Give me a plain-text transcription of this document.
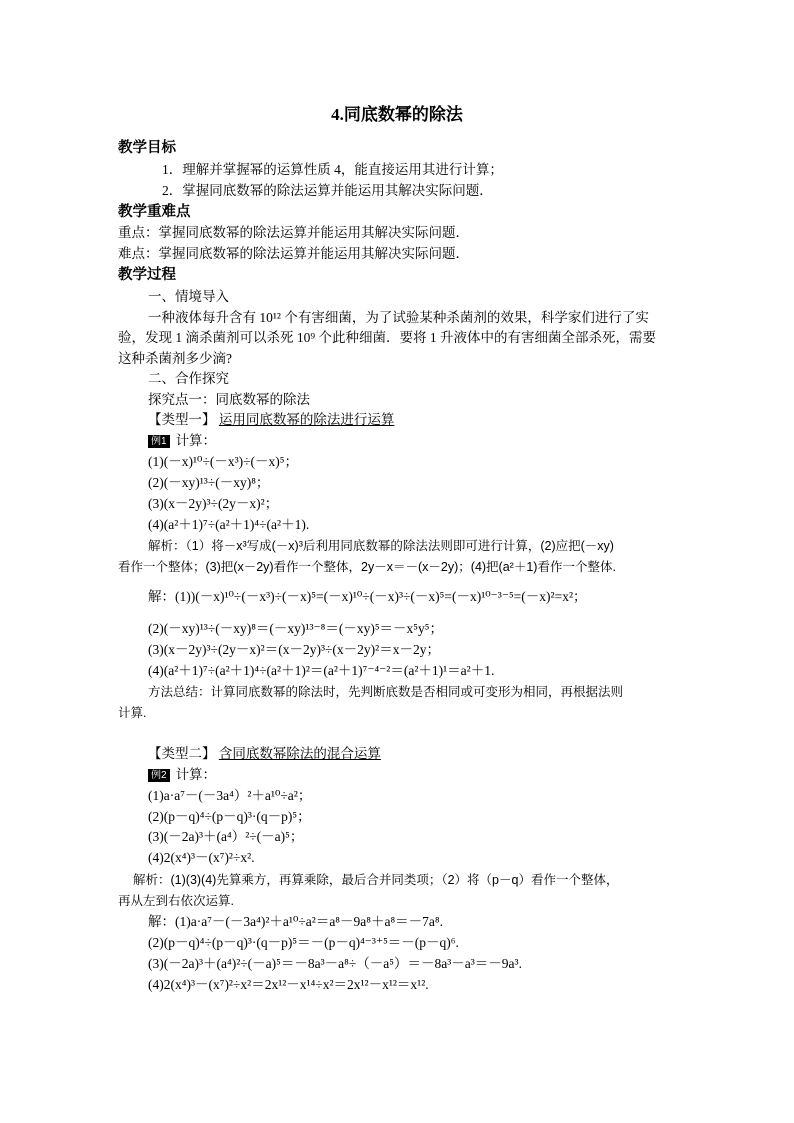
4.同底数幂的除法
教学目标
1．理解并掌握幂的运算性质 4，能直接运用其进行计算；
2．掌握同底数幂的除法运算并能运用其解决实际问题．
教学重难点
重点：掌握同底数幂的除法运算并能运用其解决实际问题．
难点：掌握同底数幂的除法运算并能运用其解决实际问题．
教学过程
一、情境导入
一种液体每升含有 10¹² 个有害细菌，为了试验某种杀菌剂的效果，科学家们进行了实
验，发现 1 滴杀菌剂可以杀死 10⁹ 个此种细菌．要将 1 升液体中的有害细菌全部杀死，需要
这种杀菌剂多少滴?
二、合作探究
探究点一：同底数幂的除法
【类型一】 运用同底数幂的除法进行运算
例1 计算：
(1)(－x)¹⁰÷(－x³)÷(－x)⁵；
(2)(－xy)¹³÷(－xy)⁸；
(3)(x－2y)³÷(2y－x)²；
(4)(a²＋1)⁷÷(a²＋1)⁴÷(a²＋1).
解析：（1）将－x³写成(－x)³后利用同底数幂的除法法则即可进行计算，(2)应把(－xy)
看作一个整体；(3)把(x－2y)看作一个整体，2y－x＝－(x－2y)；(4)把(a²＋1)看作一个整体.
解：(1))(－x)¹⁰÷(－x³)÷(－x)⁵=(－x)¹⁰÷(－x)³÷(－x)⁵=(－x)¹⁰⁻³⁻⁵=(－x)²=x²；
(2)(－xy)¹³÷(－xy)⁸＝(－xy)¹³⁻⁸＝(－xy)⁵＝－x⁵y⁵；
(3)(x－2y)³÷(2y－x)²＝(x－2y)³÷(x－2y)²＝x－2y；
(4)(a²＋1)⁷÷(a²＋1)⁴÷(a²＋1)²＝(a²＋1)⁷⁻⁴⁻²＝(a²＋1)¹＝a²＋1.
方法总结：计算同底数幂的除法时，先判断底数是否相同或可变形为相同，再根据法则
计算.
【类型二】 含同底数幂除法的混合运算
例2 计算：
(1)a·a⁷－(－3a⁴）²＋a¹⁰÷a²；
(2)(p－q)⁴÷(p－q)³·(q－p)⁵；
(3)(－2a)³＋(a⁴）²÷(－a)⁵；
(4)2(x⁴)³－(x⁷)²÷x².
解析：(1)(3)(4)先算乘方，再算乘除，最后合并同类项；（2）将（p－q）看作一个整体，
再从左到右依次运算.
解：(1)a·a⁷－(－3a⁴)²＋a¹⁰÷a²＝a⁸－9a⁸＋a⁸＝－7a⁸.
(2)(p－q)⁴÷(p－q)³·(q－p)⁵＝－(p－q)⁴⁻³⁺⁵＝－(p－q)⁶.
(3)(－2a)³＋(a⁴)²÷(－a)⁵＝－8a³－a⁸÷（－a⁵）＝－8a³－a³＝－9a³.
(4)2(x⁴)³－(x⁷)²÷x²＝2x¹²－x¹⁴÷x²＝2x¹²－x¹²＝x¹².
